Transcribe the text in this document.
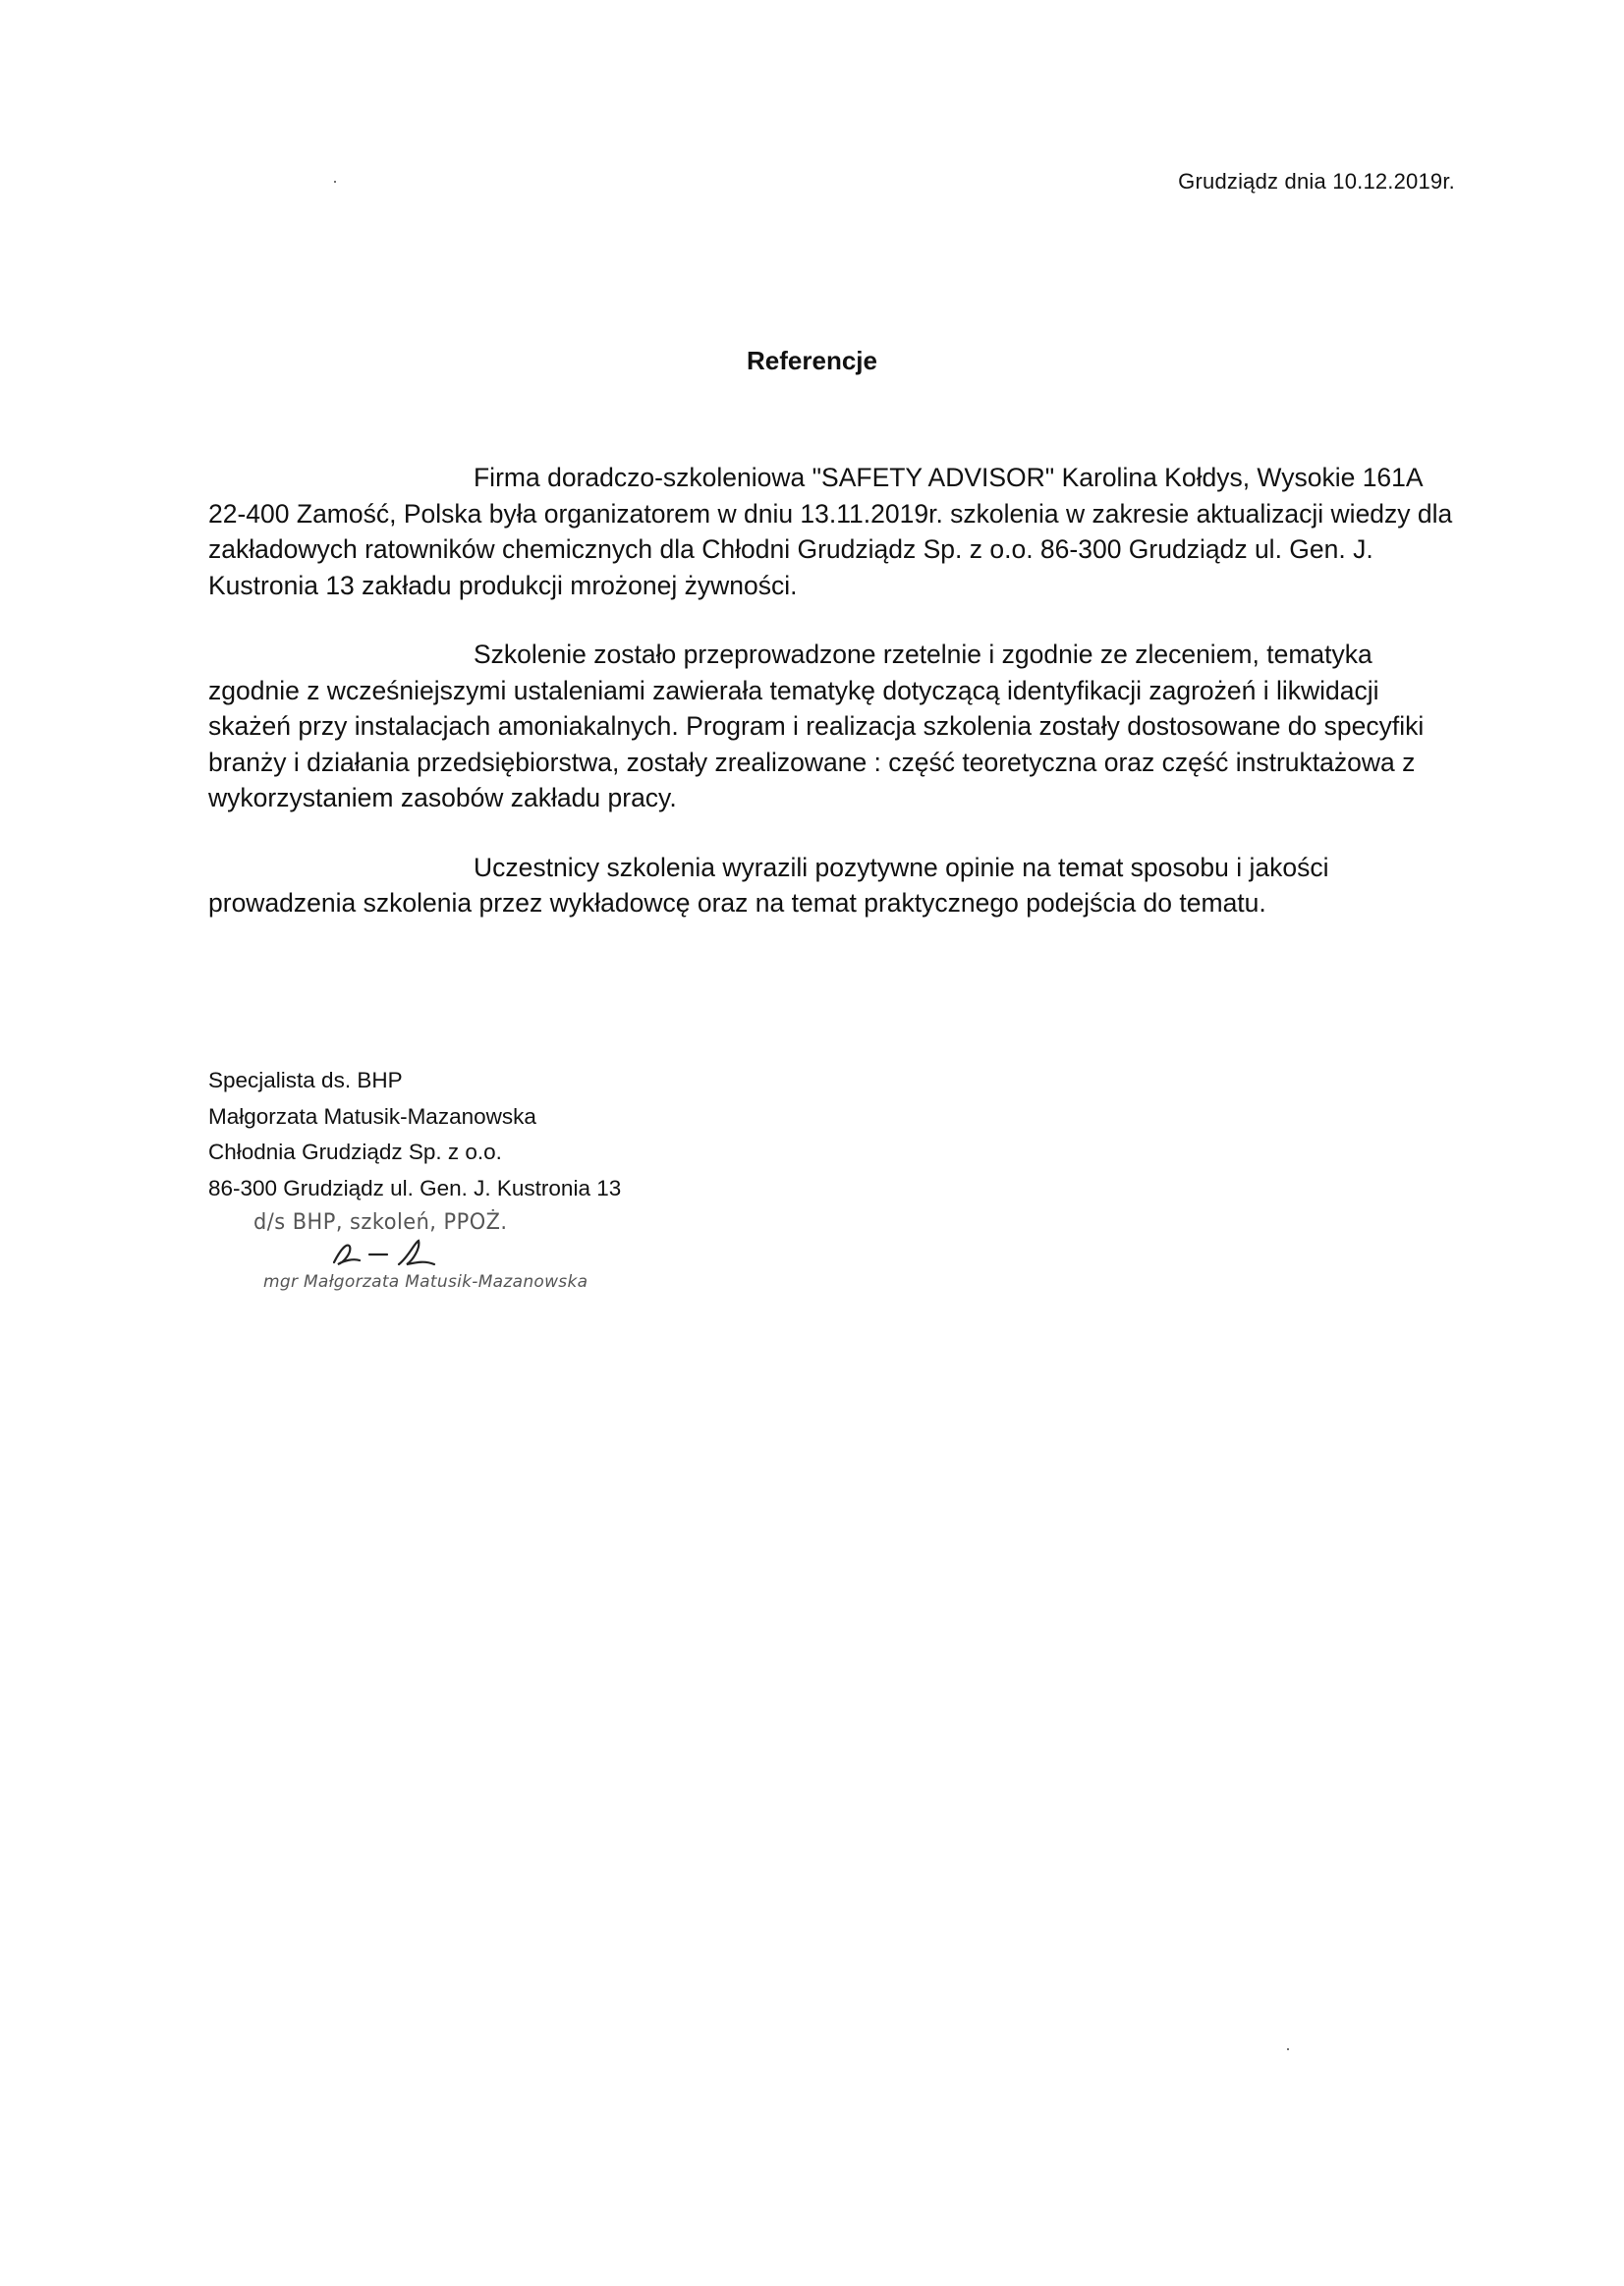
Grudziądz dnia 10.12.2019r.
Referencje

Firma doradczo-szkoleniowa "SAFETY ADVISOR" Karolina Kołdys, Wysokie 161A 22-400 Zamość, Polska była organizatorem w dniu 13.11.2019r. szkolenia w zakresie aktualizacji wiedzy dla zakładowych ratowników chemicznych dla Chłodni Grudziądz Sp. z o.o. 86-300 Grudziądz ul. Gen. J. Kustronia 13 zakładu produkcji mrożonej żywności.

Szkolenie zostało przeprowadzone rzetelnie i zgodnie ze zleceniem, tematyka zgodnie z wcześniejszymi ustaleniami zawierała tematykę dotyczącą identyfikacji zagrożeń i likwidacji skażeń przy instalacjach amoniakalnych. Program i realizacja szkolenia zostały dostosowane do specyfiki branży i działania przedsiębiorstwa, zostały zrealizowane : część teoretyczna oraz część instruktażowa z wykorzystaniem zasobów zakładu pracy.

Uczestnicy szkolenia wyrazili pozytywne opinie na temat sposobu i jakości prowadzenia szkolenia przez wykładowcę oraz na temat praktycznego podejścia do tematu.

Specjalista ds. BHP
Małgorzata Matusik-Mazanowska
Chłodnia Grudziądz Sp. z o.o.
86-300 Grudziądz ul. Gen. J. Kustronia 13
d/s BHP, szkoleń, PPOŻ.
mgr Małgorzata Matusik-Mazanowska
